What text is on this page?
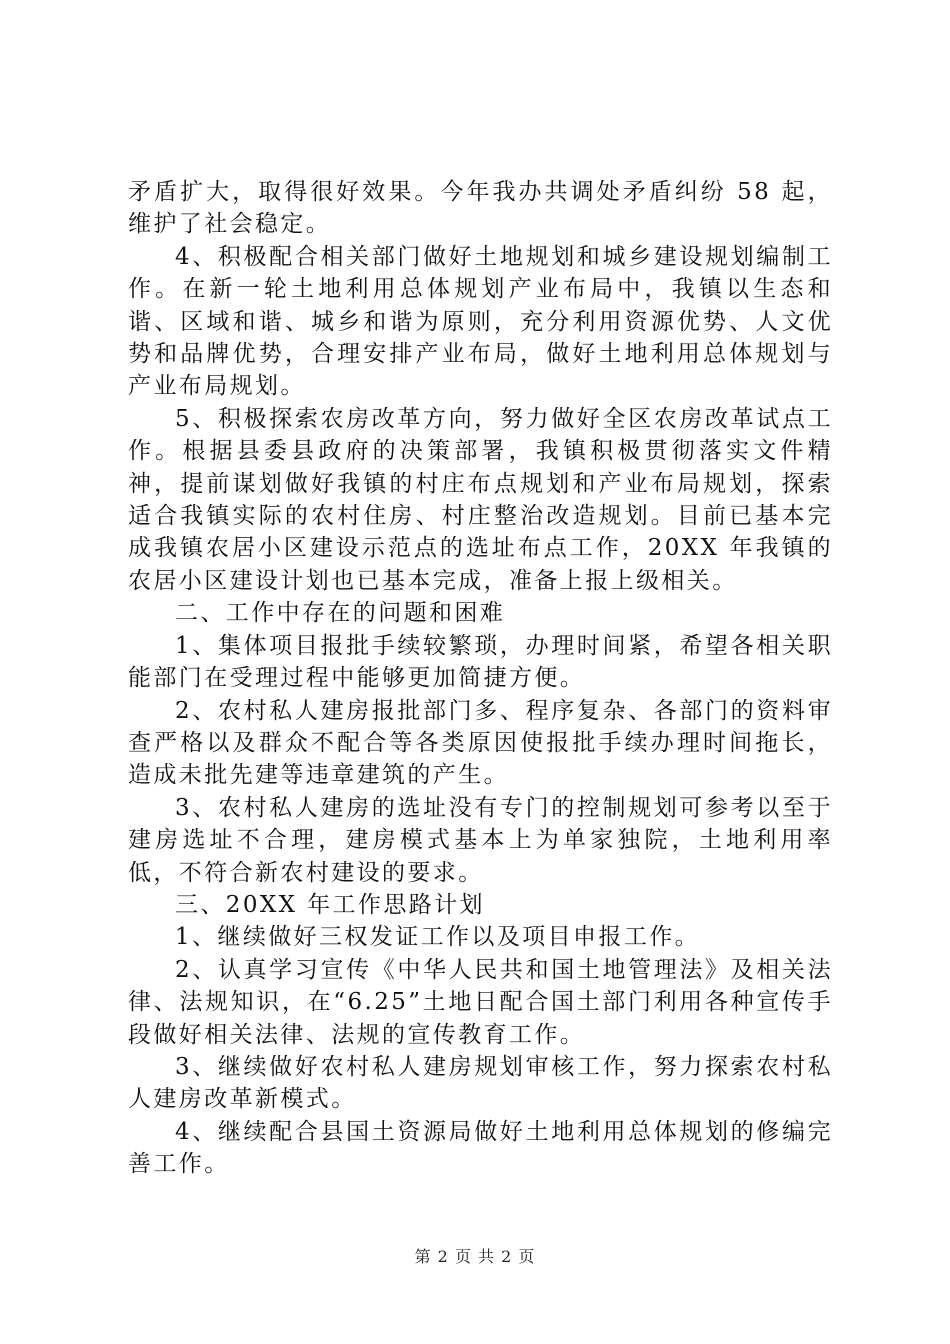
矛盾扩大，取得很好效果。今年我办共调处矛盾纠纷 58 起，维护了社会稳定。

4、积极配合相关部门做好土地规划和城乡建设规划编制工作。在新一轮土地利用总体规划产业布局中，我镇以生态和谐、区域和谐、城乡和谐为原则，充分利用资源优势、人文优势和品牌优势，合理安排产业布局，做好土地利用总体规划与产业布局规划。

5、积极探索农房改革方向，努力做好全区农房改革试点工作。根据县委县政府的决策部署，我镇积极贯彻落实文件精神，提前谋划做好我镇的村庄布点规划和产业布局规划，探索适合我镇实际的农村住房、村庄整治改造规划。目前已基本完成我镇农居小区建设示范点的选址布点工作，20XX 年我镇的农居小区建设计划也已基本完成，准备上报上级相关。

二、工作中存在的问题和困难

1、集体项目报批手续较繁琐，办理时间紧，希望各相关职能部门在受理过程中能够更加简捷方便。

2、农村私人建房报批部门多、程序复杂、各部门的资料审查严格以及群众不配合等各类原因使报批手续办理时间拖长，造成未批先建等违章建筑的产生。

3、农村私人建房的选址没有专门的控制规划可参考以至于建房选址不合理，建房模式基本上为单家独院，土地利用率低，不符合新农村建设的要求。

三、20XX 年工作思路计划

1、继续做好三权发证工作以及项目申报工作。

2、认真学习宣传《中华人民共和国土地管理法》及相关法律、法规知识，在“6.25”土地日配合国土部门利用各种宣传手段做好相关法律、法规的宣传教育工作。

3、继续做好农村私人建房规划审核工作，努力探索农村私人建房改革新模式。

4、继续配合县国土资源局做好土地利用总体规划的修编完善工作。

第 2 页 共 2 页
